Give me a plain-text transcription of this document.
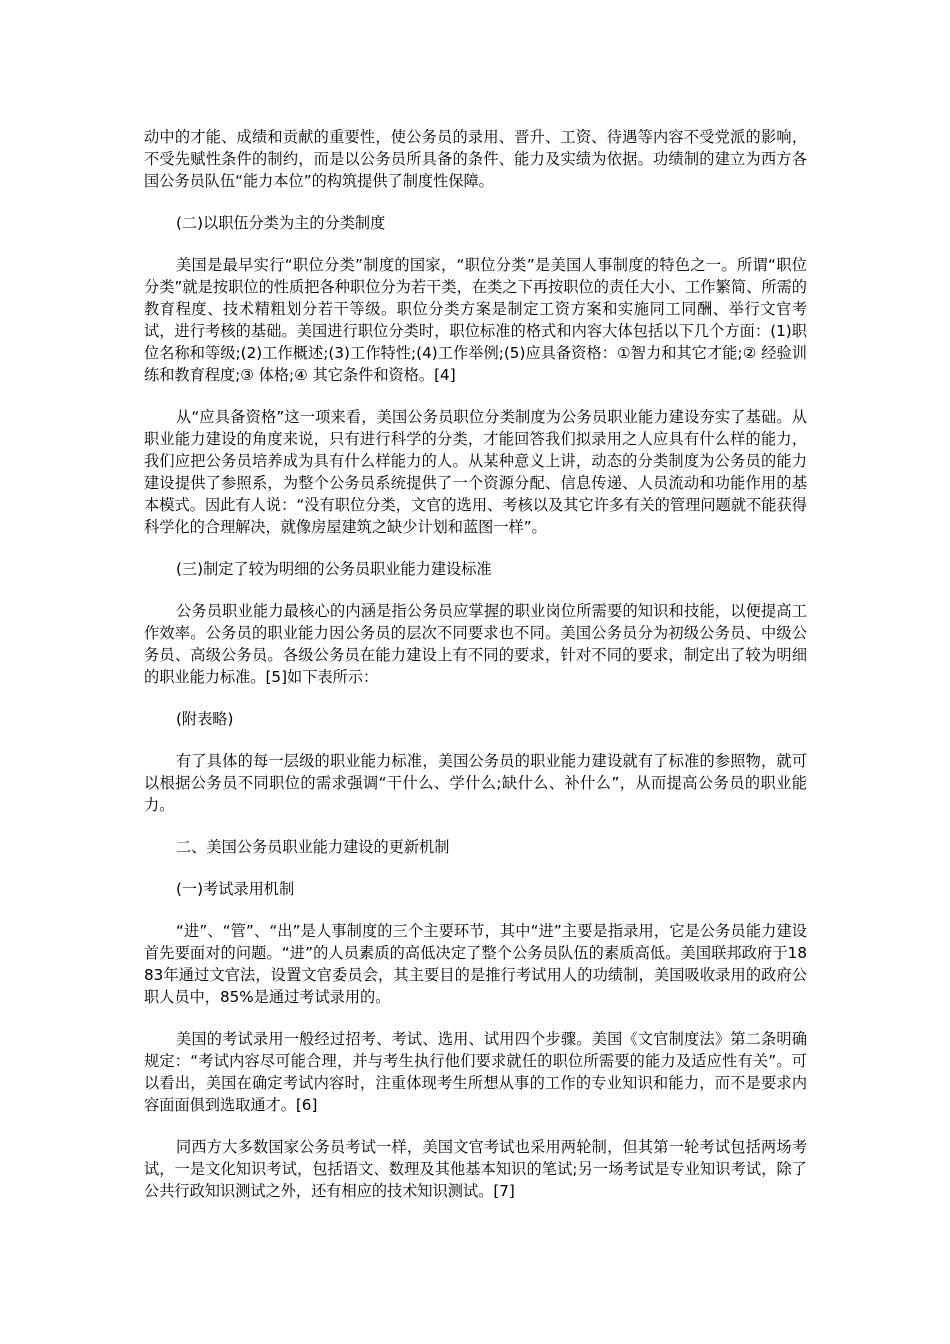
动中的才能、成绩和贡献的重要性，使公务员的录用、晋升、工资、待遇等内容不受党派的影响，不受先赋性条件的制约，而是以公务员所具备的条件、能力及实绩为依据。功绩制的建立为西方各国公务员队伍“能力本位”的构筑提供了制度性保障。

(二)以职伍分类为主的分类制度

美国是最早实行“职位分类”制度的国家，“职位分类”是美国人事制度的特色之一。所谓“职位分类”就是按职位的性质把各种职位分为若干类，在类之下再按职位的责任大小、工作繁简、所需的教育程度、技术精粗划分若干等级。职位分类方案是制定工资方案和实施同工同酬、举行文官考试，进行考核的基础。美国进行职位分类时，职位标准的格式和内容大体包括以下几个方面：(1)职位名称和等级;(2)工作概述;(3)工作特性;(4)工作举例;(5)应具备资格：①智力和其它才能;② 经验训练和教育程度;③ 体格;④ 其它条件和资格。[4]

从“应具备资格”这一项来看，美国公务员职位分类制度为公务员职业能力建设夯实了基础。从职业能力建设的角度来说，只有进行科学的分类，才能回答我们拟录用之人应具有什么样的能力，我们应把公务员培养成为具有什么样能力的人。从某种意义上讲，动态的分类制度为公务员的能力建设提供了参照系，为整个公务员系统提供了一个资源分配、信息传递、人员流动和功能作用的基本模式。因此有人说：“没有职位分类，文官的选用、考核以及其它许多有关的管理问题就不能获得科学化的合理解决，就像房屋建筑之缺少计划和蓝图一样”。

(三)制定了较为明细的公务员职业能力建设标准

公务员职业能力最核心的内涵是指公务员应掌握的职业岗位所需要的知识和技能，以便提高工作效率。公务员的职业能力因公务员的层次不同要求也不同。美国公务员分为初级公务员、中级公务员、高级公务员。各级公务员在能力建设上有不同的要求，针对不同的要求，制定出了较为明细的职业能力标准。[5]如下表所示：

(附表略)

有了具体的每一层级的职业能力标准，美国公务员的职业能力建设就有了标准的参照物，就可以根据公务员不同职位的需求强调“干什么、学什么;缺什么、补什么”，从而提高公务员的职业能力。

二、美国公务员职业能力建设的更新机制

(一)考试录用机制

“进”、“管”、“出”是人事制度的三个主要环节，其中“进”主要是指录用，它是公务员能力建设首先要面对的问题。“进”的人员素质的高低决定了整个公务员队伍的素质高低。美国联邦政府于1883年通过文官法，设置文官委员会，其主要目的是推行考试用人的功绩制，美国吸收录用的政府公职人员中，85%是通过考试录用的。

美国的考试录用一般经过招考、考试、选用、试用四个步骤。美国《文官制度法》第二条明确规定：“考试内容尽可能合理，并与考生执行他们要求就任的职位所需要的能力及适应性有关”。可以看出，美国在确定考试内容时，注重体现考生所想从事的工作的专业知识和能力，而不是要求内容面面俱到选取通才。[6]

同西方大多数国家公务员考试一样，美国文官考试也采用两轮制，但其第一轮考试包括两场考试，一是文化知识考试，包括语文、数理及其他基本知识的笔试;另一场考试是专业知识考试，除了公共行政知识测试之外，还有相应的技术知识测试。[7]
